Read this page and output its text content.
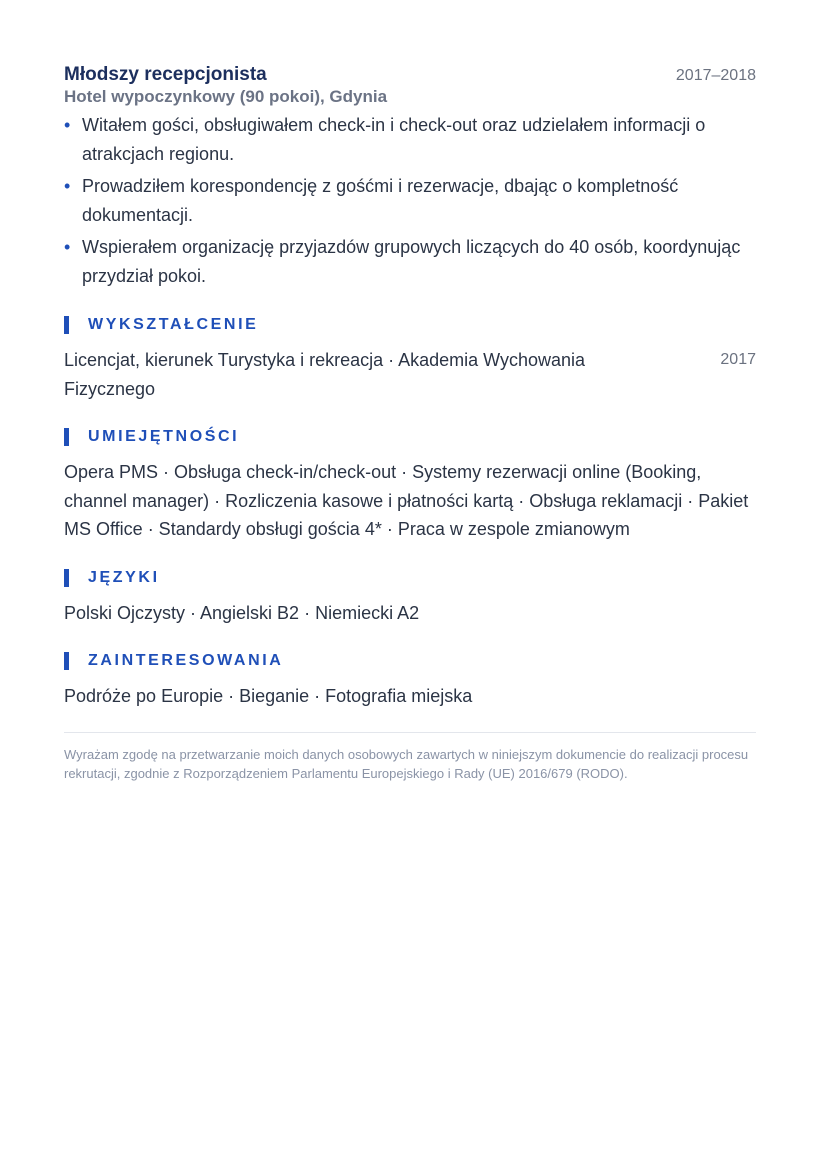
Młodszy recepcjonista	2017–2018
Hotel wypoczynkowy (90 pokoi), Gdynia
• Witałem gości, obsługiwałem check-in i check-out oraz udzielałem informacji o atrakcjach regionu.
• Prowadziłem korespondencję z gośćmi i rezerwacje, dbając o kompletność dokumentacji.
• Wspierałem organizację przyjazdów grupowych liczących do 40 osób, koordynując przydział pokoi.
WYKSZTAŁCENIE
Licencjat, kierunek Turystyka i rekreacja · Akademia Wychowania Fizycznego
2017
UMIEJĘTNOŚCI
Opera PMS · Obsługa check-in/check-out · Systemy rezerwacji online (Booking, channel manager) · Rozliczenia kasowe i płatności kartą · Obsługa reklamacji · Pakiet MS Office · Standardy obsługi gościa 4* · Praca w zespole zmianowym
JĘZYKI
Polski Ojczysty · Angielski B2 · Niemiecki A2
ZAINTERESOWANIA
Podróże po Europie · Bieganie · Fotografia miejska
Wyrażam zgodę na przetwarzanie moich danych osobowych zawartych w niniejszym dokumencie do realizacji procesu rekrutacji, zgodnie z Rozporządzeniem Parlamentu Europejskiego i Rady (UE) 2016/679 (RODO).
